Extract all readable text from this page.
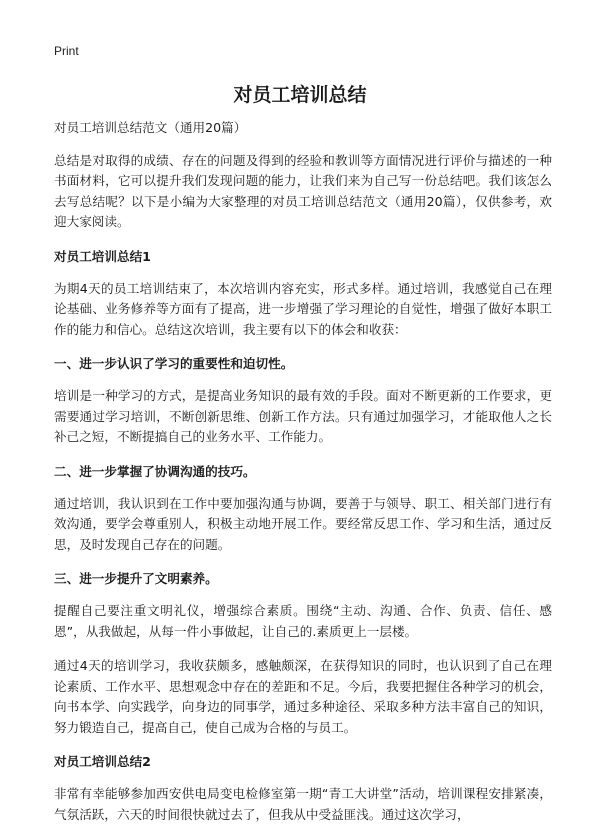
Print
对员工培训总结

对员工培训总结范文（通用20篇）

总结是对取得的成绩、存在的问题及得到的经验和教训等方面情况进行评价与描述的一种书面材料，它可以提升我们发现问题的能力，让我们来为自己写一份总结吧。我们该怎么去写总结呢？以下是小编为大家整理的对员工培训总结范文（通用20篇），仅供参考，欢迎大家阅读。

对员工培训总结1

为期4天的员工培训结束了，本次培训内容充实，形式多样。通过培训，我感觉自己在理论基础、业务修养等方面有了提高，进一步增强了学习理论的自觉性，增强了做好本职工作的能力和信心。总结这次培训，我主要有以下的体会和收获：

一、进一步认识了学习的重要性和迫切性。

培训是一种学习的方式，是提高业务知识的最有效的手段。面对不断更新的工作要求，更需要通过学习培训，不断创新思维、创新工作方法。只有通过加强学习，才能取他人之长补己之短，不断提搞自己的业务水平、工作能力。

二、进一步掌握了协调沟通的技巧。

通过培训，我认识到在工作中要加强沟通与协调，要善于与领导、职工、相关部门进行有效沟通，要学会尊重别人，积极主动地开展工作。要经常反思工作、学习和生活，通过反思，及时发现自己存在的问题。

三、进一步提升了文明素养。

提醒自己要注重文明礼仪，增强综合素质。围绕“主动、沟通、合作、负责、信任、感恩”，从我做起，从每一件小事做起，让自己的.素质更上一层楼。

通过4天的培训学习，我收获颇多，感触颇深，在获得知识的同时，也认识到了自己在理论素质、工作水平、思想观念中存在的差距和不足。今后，我要把握住各种学习的机会，向书本学、向实践学，向身边的同事学，通过多种途径、采取多种方法丰富自己的知识，努力锻造自己，提高自己，使自己成为合格的与员工。

对员工培训总结2

非常有幸能够参加西安供电局变电检修室第一期“青工大讲堂”活动，培训课程安排紧凑，气氛活跃，六天的时间很快就过去了，但我从中受益匪浅。通过这次学习，
